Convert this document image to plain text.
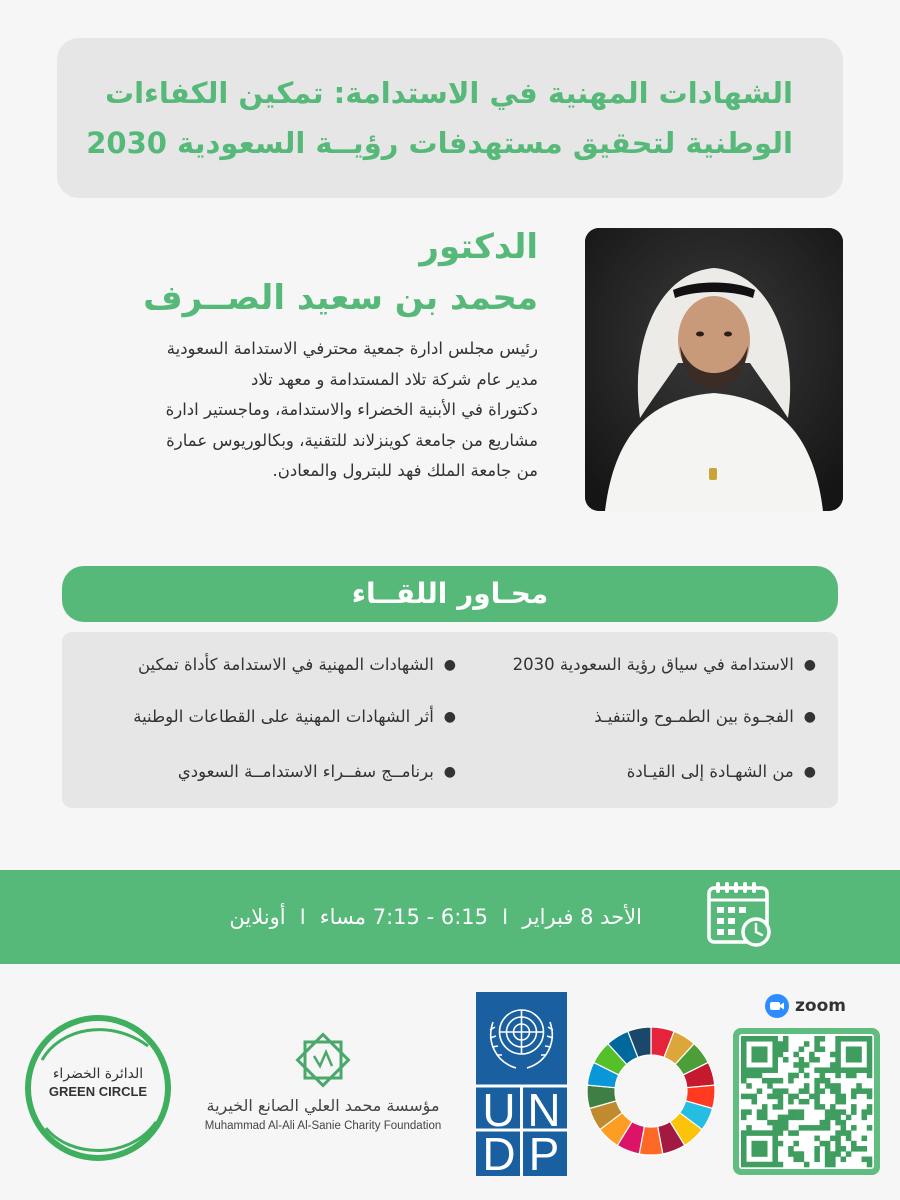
الشهادات المهنية في الاستدامة: تمكين الكفاءات
الوطنية لتحقيق مستهدفات رؤيــة السعودية 2030
الدكتور
محمد بن سعيد الصــرف
رئيس مجلس ادارة جمعية محترفي الاستدامة السعودية
مدير عام شركة تلاد المستدامة و معهد تلاد
دكتوراة في الأبنية الخضراء والاستدامة، وماجستير ادارة
مشاريع من جامعة كوينزلاند للتقنية، وبكالوريوس عمارة
من جامعة الملك فهد للبترول والمعادن.
محـاور اللقــاء
●
الاستدامة في سياق رؤية السعودية 2030
●
الفجـوة بين الطمـوح والتنفيـذ
●
من الشهـادة إلى القيـادة
●
الشهادات المهنية في الاستدامة كأداة تمكين
●
أثر الشهادات المهنية على القطاعات الوطنية
●
برنامــج سفــراء الاستدامــة السعودي
الأحد 8 فبراير
I
6:15 - 7:15 مساء
I
أونلاين
zoom
U N
D P
مؤسسة محمد العلي الصانع الخيرية
Muhammad Al-Ali Al-Sanie Charity Foundation
الدائرة الخضراء
GREEN CIRCLE
